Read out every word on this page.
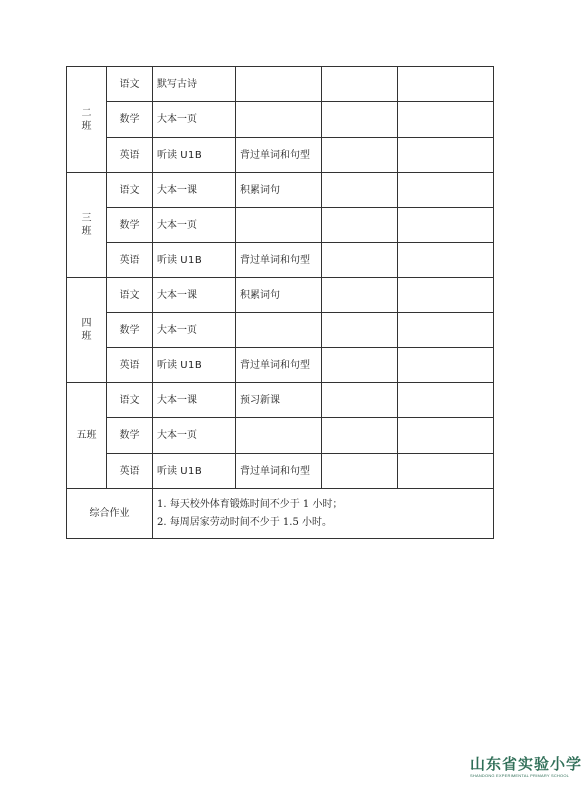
二
班	语文	默写古诗			
	数学	大本一页			
	英语	听读 U1B	背过单词和句型		

三
班	语文	大本一课	积累词句		
	数学	大本一页			
	英语	听读 U1B	背过单词和句型		

四
班	语文	大本一课	积累词句		
	数学	大本一页			
	英语	听读 U1B	背过单词和句型		
五班	语文	大本一课	预习新课		
	数学	大本一页			
	英语	听读 U1B	背过单词和句型		
综合作业		1. 每天校外体育锻炼时间不少于 1 小时；
2. 每周居家劳动时间不少于 1.5 小时。			
山东省实验小学
SHANDONG EXPERIMENTAL PRIMARY SCHOOL
